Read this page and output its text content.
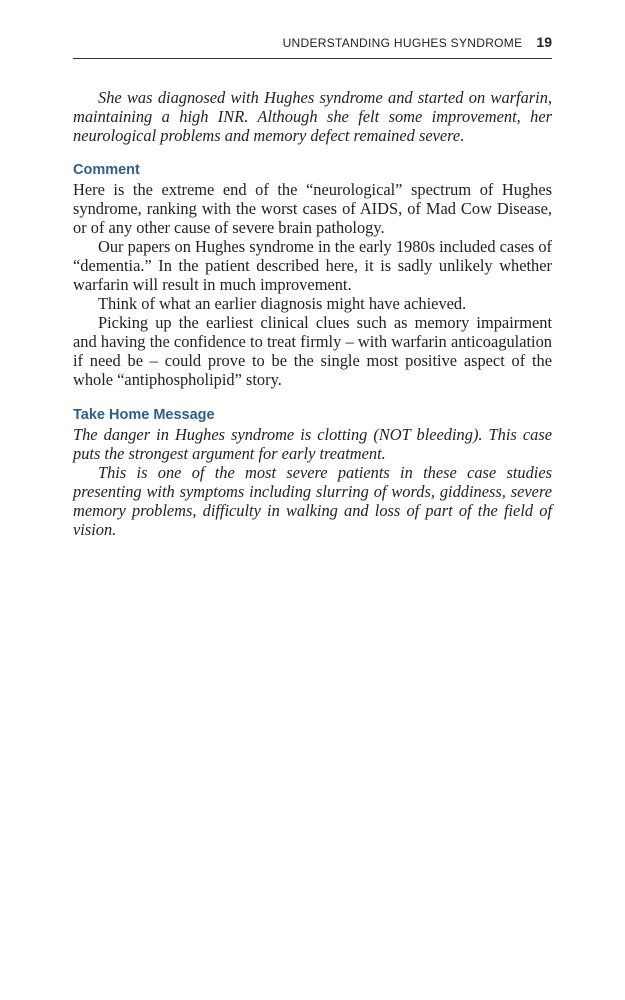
UNDERSTANDING HUGHES SYNDROME 19

She was diagnosed with Hughes syndrome and started on warfarin, maintaining a high INR. Although she felt some improvement, her neurological problems and memory defect remained severe.

Comment

Here is the extreme end of the “neurological” spectrum of Hughes syndrome, ranking with the worst cases of AIDS, of Mad Cow Disease, or of any other cause of severe brain pathology.

Our papers on Hughes syndrome in the early 1980s included cases of “dementia.” In the patient described here, it is sadly unlikely whether warfarin will result in much improvement.

Think of what an earlier diagnosis might have achieved.

Picking up the earliest clinical clues such as memory impairment and having the confidence to treat firmly – with warfarin anticoagulation if need be – could prove to be the single most positive aspect of the whole “antiphospholipid” story.

Take Home Message

The danger in Hughes syndrome is clotting (NOT bleeding). This case puts the strongest argument for early treatment.

This is one of the most severe patients in these case studies presenting with symptoms including slurring of words, giddiness, severe memory problems, difficulty in walking and loss of part of the field of vision.
